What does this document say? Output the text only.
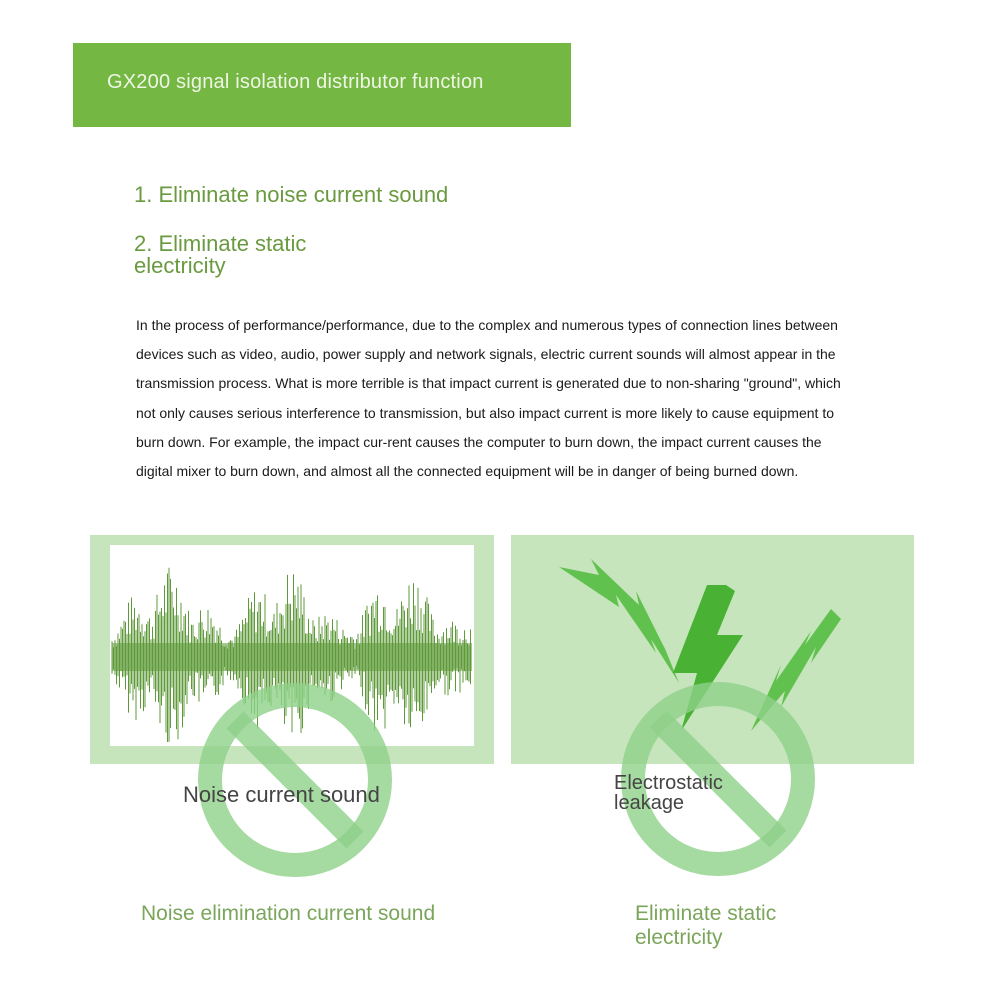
GX200 signal isolation distributor function
1. Eliminate noise current sound
2. Eliminate static electricity
In the process of performance/performance, due to the complex and numerous types of connection lines between devices such as video, audio, power supply and network signals, electric current sounds will almost appear in the transmission process. What is more terrible is that impact current is generated due to non-sharing "ground", which not only causes serious interference to transmission, but also impact current is more likely to cause equipment to burn down. For example, the impact cur-rent causes the computer to burn down, the impact current causes the digital mixer to burn down, and almost all the connected equipment will be in danger of being burned down.
Noise current sound	Electrostatic leakage
Noise elimination current sound	Eliminate static electricity
